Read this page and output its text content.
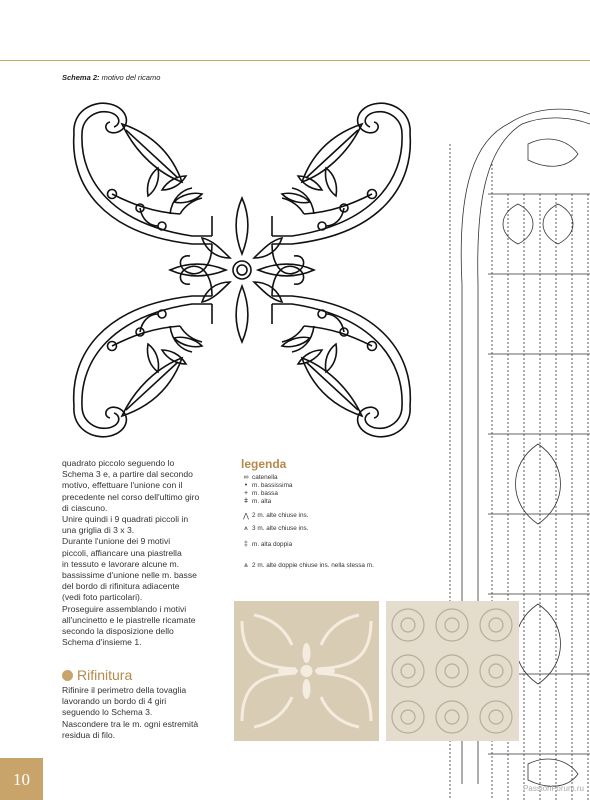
Schema 2: motivo del ricamo

quadrato piccolo seguendo lo

Schema 3 e, a partire dal secondo

motivo, effettuare l'unione con il

precedente nel corso dell'ultimo giro

di ciascuno.

Unire quindi i 9 quadrati piccoli in

una griglia di 3 x 3.

Durante l'unione dei 9 motivi

piccoli, affiancare una piastrella

in tessuto e lavorare alcune m.

bassissime d'unione nelle m. basse

del bordo di rifinitura adiacente

(vedi foto particolari).

Proseguire assemblando i motivi

all'uncinetto e le piastrelle ricamate

secondo la disposizione dello

Schema d'insieme 1.

Rifinitura

Rifinire il perimetro della tovaglia

lavorando un bordo di 4 giri

seguendo lo Schema 3.

Nascondere tra le m. ogni estremità

residua di filo.

legenda
∞ catenella
• m. bassissima
+ m. bassa
ǂ m. alta
⋀ 2 m. alte chiuse ins.
⩚ 3 m. alte chiuse ins.
‡ m. alta doppia
⩓ 2 m. alte doppie chiuse ins. nella stessa m.
10	PassionForum.ru
